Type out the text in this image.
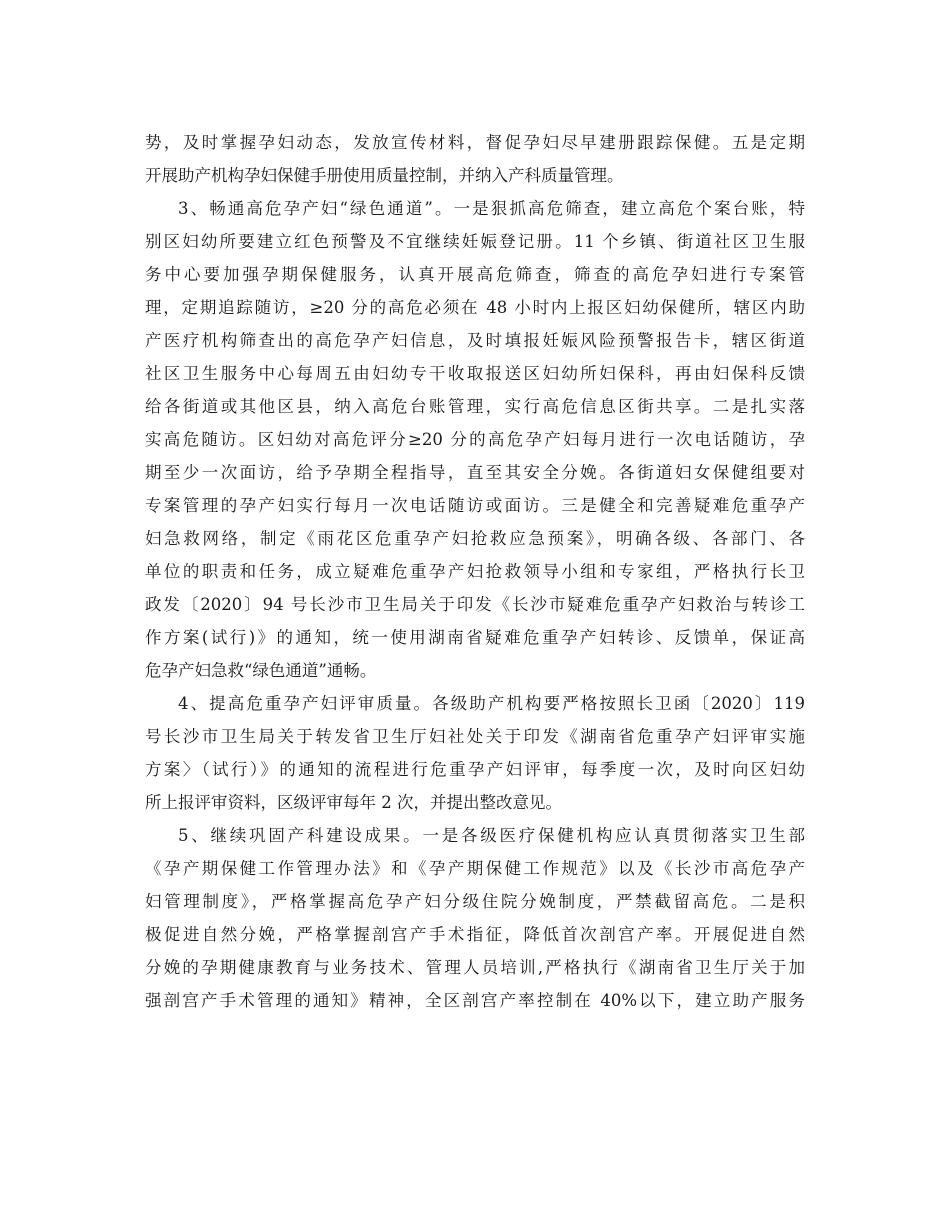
势，及时掌握孕妇动态，发放宣传材料，督促孕妇尽早建册跟踪保健。五是定期
开展助产机构孕妇保健手册使用质量控制，并纳入产科质量管理。
3、畅通高危孕产妇“绿色通道”。一是狠抓高危筛查，建立高危个案台账，特
别区妇幼所要建立红色预警及不宜继续妊娠登记册。11 个乡镇、街道社区卫生服
务中心要加强孕期保健服务，认真开展高危筛查，筛查的高危孕妇进行专案管
理，定期追踪随访，≥20 分的高危必须在 48 小时内上报区妇幼保健所，辖区内助
产医疗机构筛查出的高危孕产妇信息，及时填报妊娠风险预警报告卡，辖区街道
社区卫生服务中心每周五由妇幼专干收取报送区妇幼所妇保科，再由妇保科反馈
给各街道或其他区县，纳入高危台账管理，实行高危信息区街共享。二是扎实落
实高危随访。区妇幼对高危评分≥20 分的高危孕产妇每月进行一次电话随访，孕
期至少一次面访，给予孕期全程指导，直至其安全分娩。各街道妇女保健组要对
专案管理的孕产妇实行每月一次电话随访或面访。三是健全和完善疑难危重孕产
妇急救网络，制定《雨花区危重孕产妇抢救应急预案》，明确各级、各部门、各
单位的职责和任务，成立疑难危重孕产妇抢救领导小组和专家组，严格执行长卫
政发〔2020〕94 号长沙市卫生局关于印发《长沙市疑难危重孕产妇救治与转诊工
作方案(试行)》的通知，统一使用湖南省疑难危重孕产妇转诊、反馈单，保证高
危孕产妇急救“绿色通道”通畅。
4、提高危重孕产妇评审质量。各级助产机构要严格按照长卫函〔2020〕119
号长沙市卫生局关于转发省卫生厅妇社处关于印发《湖南省危重孕产妇评审实施
方案〉（试行）》的通知的流程进行危重孕产妇评审，每季度一次，及时向区妇幼
所上报评审资料，区级评审每年 2 次，并提出整改意见。
5、继续巩固产科建设成果。一是各级医疗保健机构应认真贯彻落实卫生部
《孕产期保健工作管理办法》和《孕产期保健工作规范》以及《长沙市高危孕产
妇管理制度》，严格掌握高危孕产妇分级住院分娩制度，严禁截留高危。二是积
极促进自然分娩，严格掌握剖宫产手术指征，降低首次剖宫产率。开展促进自然
分娩的孕期健康教育与业务技术、管理人员培训,严格执行《湖南省卫生厅关于加
强剖宫产手术管理的通知》精神，全区剖宫产率控制在 40%以下，建立助产服务
